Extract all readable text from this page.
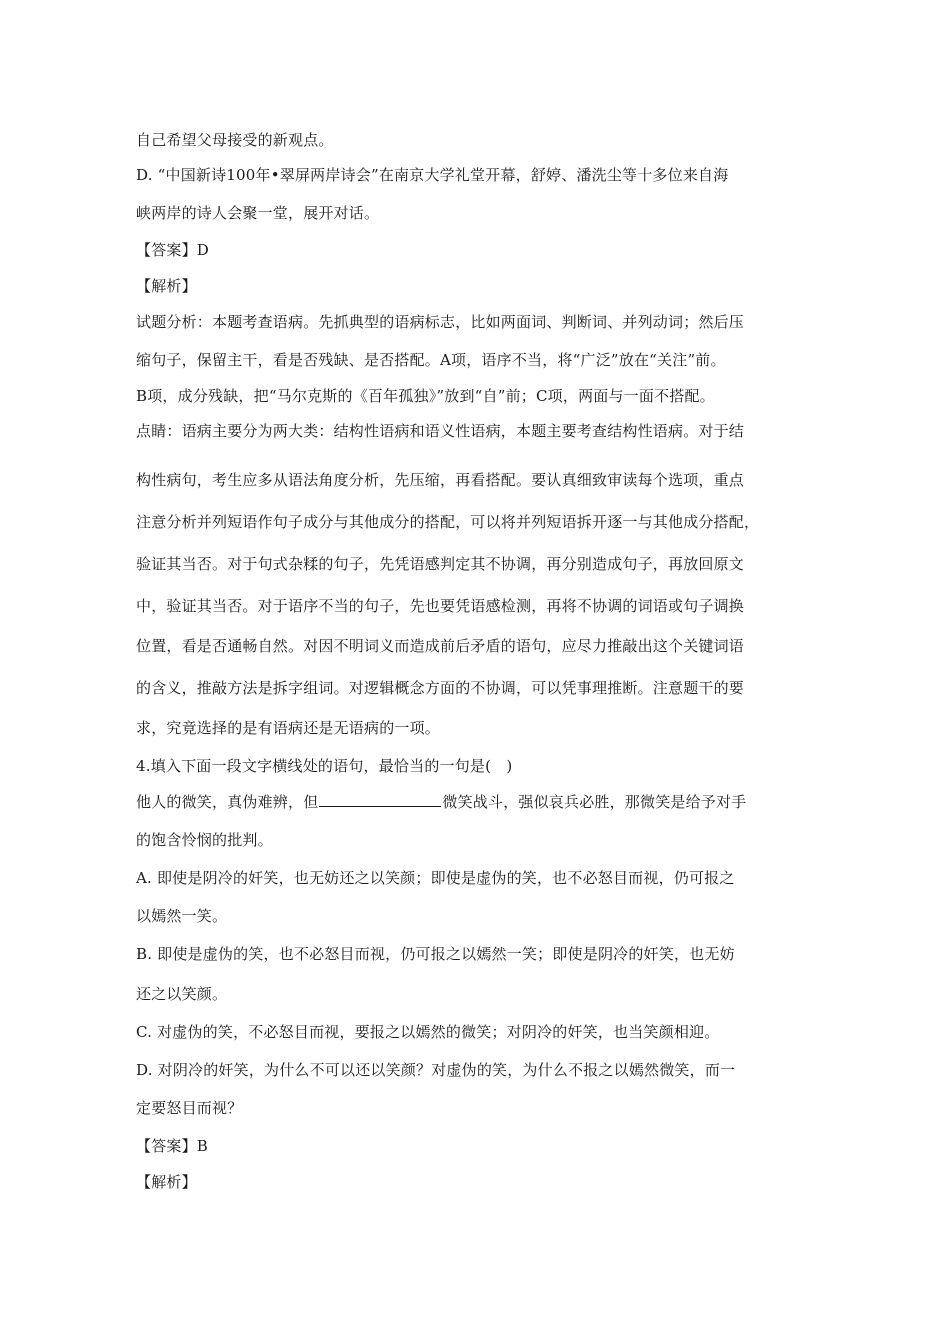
自己希望父母接受的新观点。
D. “中国新诗100年•翠屏两岸诗会”在南京大学礼堂开幕，舒婷、潘洗尘等十多位来自海
峡两岸的诗人会聚一堂，展开对话。
【答案】D
【解析】
试题分析：本题考查语病。先抓典型的语病标志，比如两面词、判断词、并列动词；然后压
缩句子，保留主干，看是否残缺、是否搭配。A项，语序不当，将“广泛”放在“关注”前。
B项，成分残缺，把“马尔克斯的《百年孤独》”放到“自”前；C项，两面与一面不搭配。
点睛：语病主要分为两大类：结构性语病和语义性语病，本题主要考查结构性语病。对于结
构性病句，考生应多从语法角度分析，先压缩，再看搭配。要认真细致审读每个选项，重点
注意分析并列短语作句子成分与其他成分的搭配，可以将并列短语拆开逐一与其他成分搭配，
验证其当否。对于句式杂糅的句子，先凭语感判定其不协调，再分别造成句子，再放回原文
中，验证其当否。对于语序不当的句子，先也要凭语感检测，再将不协调的词语或句子调换
位置，看是否通畅自然。对因不明词义而造成前后矛盾的语句，应尽力推敲出这个关键词语
的含义，推敲方法是拆字组词。对逻辑概念方面的不协调，可以凭事理推断。注意题干的要
求，究竟选择的是有语病还是无语病的一项。
4.填入下面一段文字横线处的语句，最恰当的一句是(　)
他人的微笑，真伪难辨，但	微笑战斗，强似哀兵必胜，那微笑是给予对手
的饱含怜悯的批判。
A. 即使是阴冷的奸笑，也无妨还之以笑颜；即使是虚伪的笑，也不必怒目而视，仍可报之
以嫣然一笑。
B. 即使是虚伪的笑，也不必怒目而视，仍可报之以嫣然一笑；即使是阴冷的奸笑，也无妨
还之以笑颜。
C. 对虚伪的笑，不必怒目而视，要报之以嫣然的微笑；对阴冷的奸笑，也当笑颜相迎。
D. 对阴冷的奸笑，为什么不可以还以笑颜？对虚伪的笑，为什么不报之以嫣然微笑，而一
定要怒目而视？
【答案】B
【解析】
